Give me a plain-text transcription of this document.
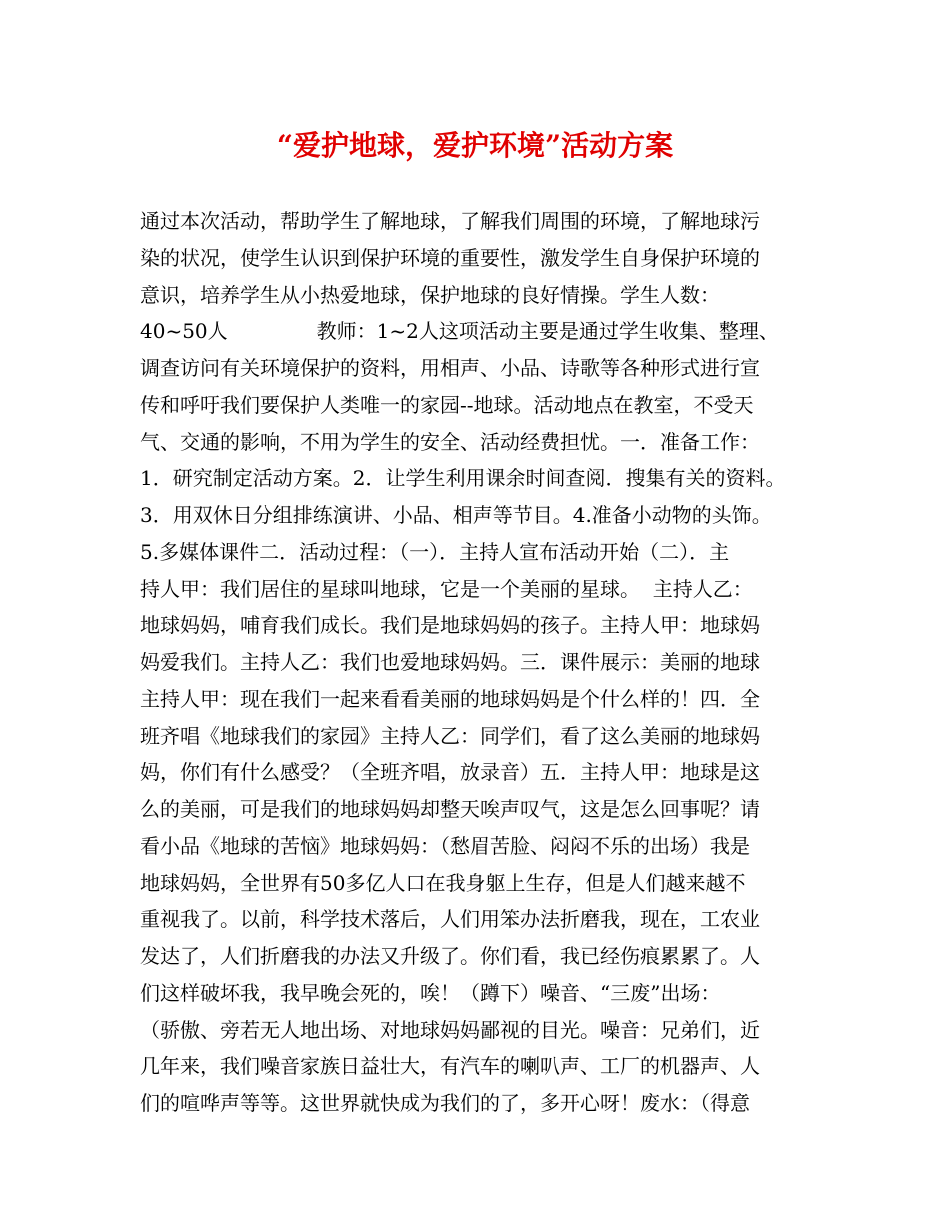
“爱护地球，爱护环境”活动方案
通过本次活动，帮助学生了解地球，了解我们周围的环境，了解地球污
染的状况，使学生认识到保护环境的重要性，激发学生自身保护环境的
意识，培养学生从小热爱地球，保护地球的良好情操。学生人数：
40~50人              教师：1~2人这项活动主要是通过学生收集、整理、
调查访问有关环境保护的资料，用相声、小品、诗歌等各种形式进行宣
传和呼吁我们要保护人类唯一的家园--地球。活动地点在教室，不受天
气、交通的影响，不用为学生的安全、活动经费担忧。一．准备工作：
1．研究制定活动方案。2．让学生利用课余时间查阅．搜集有关的资料。
3．用双休日分组排练演讲、小品、相声等节目。4.准备小动物的头饰。
5.多媒体课件二．活动过程：（一）．主持人宣布活动开始（二）．主
持人甲：我们居住的星球叫地球，它是一个美丽的星球。  主持人乙：
地球妈妈，哺育我们成长。我们是地球妈妈的孩子。主持人甲：地球妈
妈爱我们。主持人乙：我们也爱地球妈妈。三．课件展示：美丽的地球
主持人甲：现在我们一起来看看美丽的地球妈妈是个什么样的！四．全
班齐唱《地球我们的家园》主持人乙：同学们，看了这么美丽的地球妈
妈，你们有什么感受？（全班齐唱，放录音）五．主持人甲：地球是这
么的美丽，可是我们的地球妈妈却整天唉声叹气，这是怎么回事呢？请
看小品《地球的苦恼》地球妈妈：（愁眉苦脸、闷闷不乐的出场）我是
地球妈妈，全世界有50多亿人口在我身躯上生存，但是人们越来越不
重视我了。以前，科学技术落后，人们用笨办法折磨我，现在，工农业
发达了，人们折磨我的办法又升级了。你们看，我已经伤痕累累了。人
们这样破坏我，我早晚会死的，唉！（蹲下）噪音、“三废”出场：
（骄傲、旁若无人地出场、对地球妈妈鄙视的目光。噪音：兄弟们，近
几年来，我们噪音家族日益壮大，有汽车的喇叭声、工厂的机器声、人
们的喧哗声等等。这世界就快成为我们的了，多开心呀！废水：（得意
